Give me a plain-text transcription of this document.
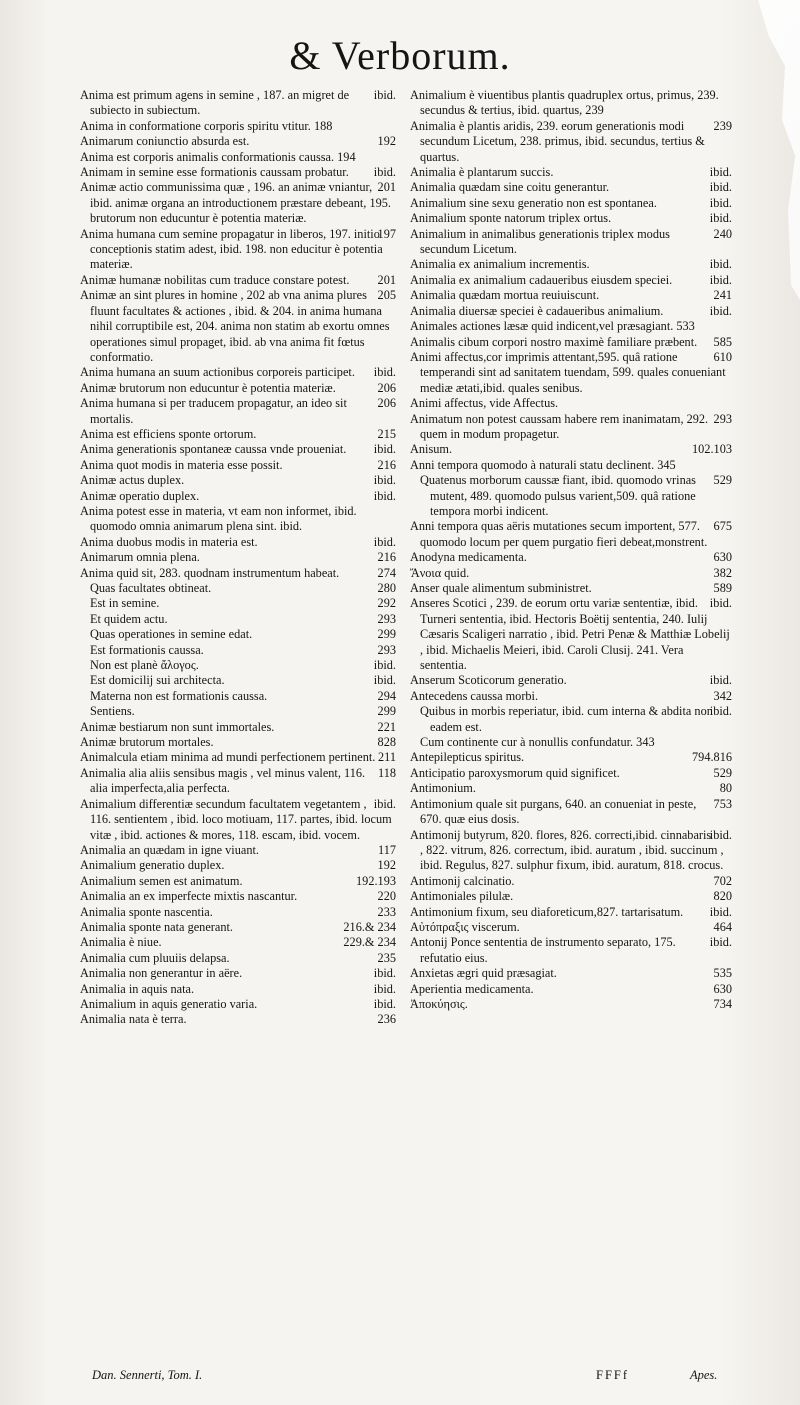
& Verborum.

ibid.
Anima est primum agens in semine , 187. an migret de subiecto in subiectum.

Anima in conformatione corporis spiritu vtitur. 188

192
Animarum coniunctio absurda est.

Anima est corporis animalis conformationis caussa. 194

ibid.
Animam in semine esse formationis caussam probatur.

201
Animæ actio communissima quæ , 196. an animæ vniantur, ibid. animæ organa an introductionem præstare debeant, 195. brutorum non educuntur è potentia materiæ.

197
Anima humana cum semine propagatur in liberos, 197. initio conceptionis statim adest, ibid. 198. non educitur è potentia materiæ.

201
Animæ humanæ nobilitas cum traduce constare potest.

205
Animæ an sint plures in homine , 202 ab vna anima plures fluunt facultates & actiones , ibid. & 204. in anima humana nihil corruptibile est, 204. anima non statim ab exortu omnes operationes simul propaget, ibid. ab vna anima fit fœtus conformatio.

ibid.
Anima humana an suum actionibus corporeis participet.

206
Animæ brutorum non educuntur è potentia materiæ.

206
Anima humana si per traducem propagatur, an ideo sit mortalis.

215
Anima est efficiens sponte ortorum.

ibid.
Anima generationis spontaneæ caussa vnde proueniat.

216
Anima quot modis in materia esse possit.

ibid.
Animæ actus duplex.

ibid.
Animæ operatio duplex.

Anima potest esse in materia, vt eam non informet, ibid. quomodo omnia animarum plena sint. ibid.

ibid.
Anima duobus modis in materia est.

216
Animarum omnia plena.

274
Anima quid sit, 283. quodnam instrumentum habeat.

280
Quas facultates obtineat.

292
Est in semine.

293
Et quidem actu.

299
Quas operationes in semine edat.

293
Est formationis caussa.

ibid.
Non est planè ἄλογος.

ibid.
Est domicilij sui architecta.

294
Materna non est formationis caussa.

299
Sentiens.

221
Animæ bestiarum non sunt immortales.

828
Animæ brutorum mortales.

211
Animalcula etiam minima ad mundi perfectionem pertinent.

118
Animalia alia aliis sensibus magis , vel minus valent, 116. alia imperfecta,alia perfecta.

ibid.
Animalium differentiæ secundum facultatem vegetantem , 116. sentientem , ibid. loco motiuam, 117. partes, ibid. locum vitæ , ibid. actiones & mores, 118. escam, ibid. vocem.

117
Animalia an quædam in igne viuant.

192
Animalium generatio duplex.

192.193
Animalium semen est animatum.

220
Animalia an ex imperfecte mixtis nascantur.

233
Animalia sponte nascentia.

216.& 234
Animalia sponte nata generant.

229.& 234
Animalia è niue.

235
Animalia cum pluuiis delapsa.

ibid.
Animalia non generantur in aëre.

ibid.
Animalia in aquis nata.

ibid.
Animalium in aquis generatio varia.

236
Animalia nata è terra.

Animalium è viuentibus plantis quadruplex ortus, primus, 239. secundus & tertius, ibid. quartus, 239

239
Animalia è plantis aridis, 239. eorum generationis modi secundum Licetum, 238. primus, ibid. secundus, tertius & quartus.

ibid.
Animalia è plantarum succis.

ibid.
Animalia quædam sine coitu generantur.

ibid.
Animalium sine sexu generatio non est spontanea.

ibid.
Animalium sponte natorum triplex ortus.

240
Animalium in animalibus generationis triplex modus secundum Licetum.

ibid.
Animalia ex animalium incrementis.

ibid.
Animalia ex animalium cadaueribus eiusdem speciei.

241
Animalia quædam mortua reuiuiscunt.

ibid.
Animalia diuersæ speciei è cadaueribus animalium.

Animales actiones læsæ quid indicent,vel præsagiant. 533

585
Animalis cibum corpori nostro maximè familiare præbent.

610
Animi affectus,cor imprimis attentant,595. quâ ratione temperandi sint ad sanitatem tuendam, 599. quales conueniant mediæ ætati,ibid. quales senibus.

Animi affectus, vide Affectus.

293
Animatum non potest caussam habere rem inanimatam, 292. quem in modum propagetur.

102.103
Anisum.

Anni tempora quomodo à naturali statu declinent. 345

529
Quatenus morborum caussæ fiant, ibid. quomodo vrinas mutent, 489. quomodo pulsus varient,509. quâ ratione tempora morbi indicent.

675
Anni tempora quas aëris mutationes secum importent, 577. quomodo locum per quem purgatio fieri debeat,monstrent.

630
Anodyna medicamenta.

382
Ἄνοια quid.

589
Anser quale alimentum subministret.

ibid.
Anseres Scotici , 239. de eorum ortu variæ sententiæ, ibid. Turneri sententia, ibid. Hectoris Boëtij sententia, 240. Iulij Cæsaris Scaligeri narratio , ibid. Petri Penæ & Matthiæ Lobelij , ibid. Michaelis Meieri, ibid. Caroli Clusij. 241. Vera sententia.

ibid.
Anserum Scoticorum generatio.

342
Antecedens caussa morbi.

ibid.
Quibus in morbis reperiatur, ibid. cum interna & abdita non eadem est.

Cum continente cur à nonullis confundatur. 343

794.816
Antepilepticus spiritus.

529
Anticipatio paroxysmorum quid significet.

80
Antimonium.

753
Antimonium quale sit purgans, 640. an conueniat in peste, 670. quæ eius dosis.

ibid.
Antimonij butyrum, 820. flores, 826. correcti,ibid. cinnabaris , 822. vitrum, 826. correctum, ibid. auratum , ibid. succinum , ibid. Regulus, 827. sulphur fixum, ibid. auratum, 818. crocus.

702
Antimonij calcinatio.

820
Antimoniales pilulæ.

ibid.
Antimonium fixum, seu diaforeticum,827. tartarisatum.

464
Αὐτόπραξις viscerum.

ibid.
Antonij Ponce sententia de instrumento separato, 175. refutatio eius.

535
Anxietas ægri quid præsagiat.

630
Aperientia medicamenta.

734
Ἀποκύησις.

Dan. Sennerti, Tom. I.	FFFf	Apes.
